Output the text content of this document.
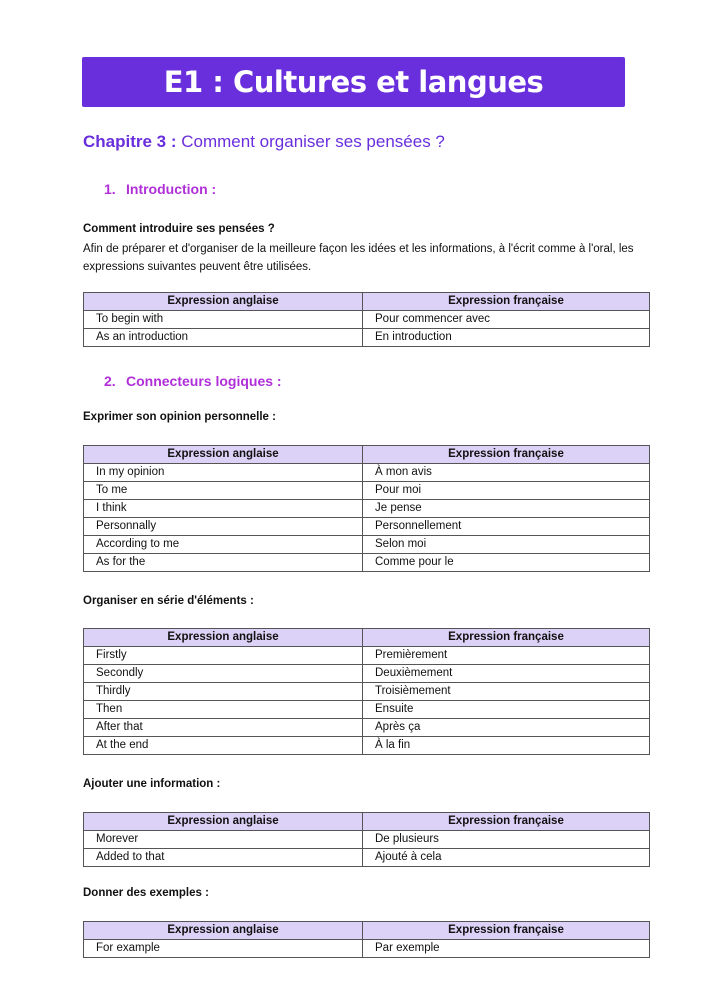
E1 : Cultures et langues
Chapitre 3 : Comment organiser ses pensées ?
1. Introduction :
Comment introduire ses pensées ?
Afin de préparer et d'organiser de la meilleure façon les idées et les informations, à l'écrit comme à l'oral, les expressions suivantes peuvent être utilisées.
Expression anglaise	Expression française
To begin with	Pour commencer avec
As an introduction	En introduction
2. Connecteurs logiques :
Exprimer son opinion personnelle :
Expression anglaise	Expression française
In my opinion	À mon avis
To me	Pour moi
I think	Je pense
Personnally	Personnellement
According to me	Selon moi
As for the	Comme pour le
Organiser en série d'éléments :
Expression anglaise	Expression française
Firstly	Premièrement
Secondly	Deuxièmement
Thirdly	Troisièmement
Then	Ensuite
After that	Après ça
At the end	À la fin
Ajouter une information :
Expression anglaise	Expression française
Morever	De plusieurs
Added to that	Ajouté à cela
Donner des exemples :
Expression anglaise	Expression française
For example	Par exemple
